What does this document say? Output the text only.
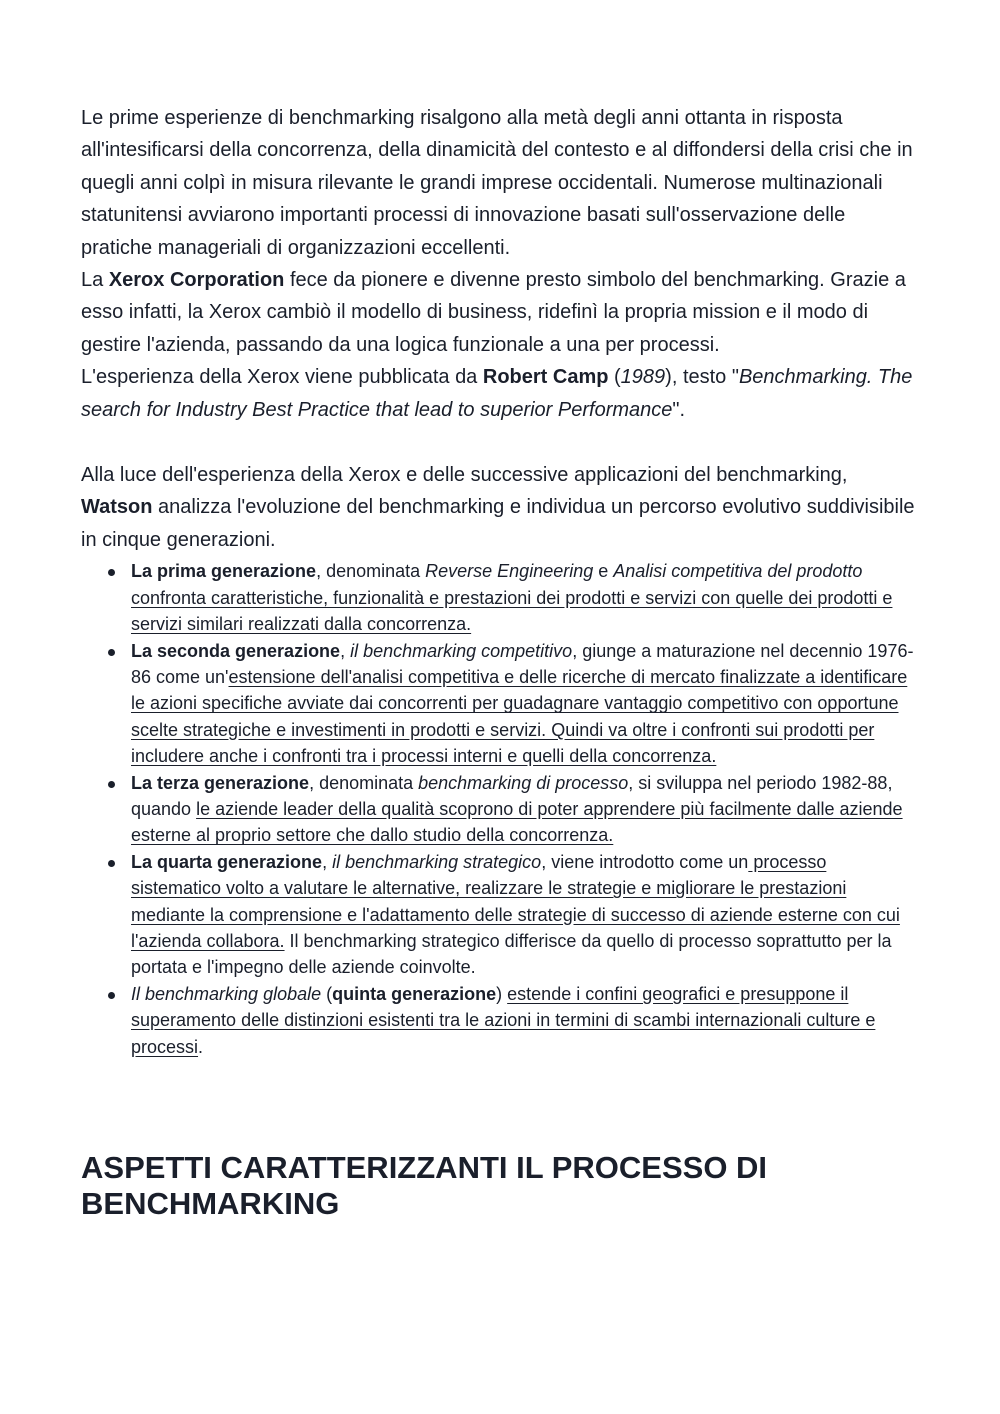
Le prime esperienze di benchmarking risalgono alla metà degli anni ottanta in risposta all'intesificarsi della concorrenza, della dinamicità del contesto e al diffondersi della crisi che in quegli anni colpì in misura rilevante le grandi imprese occidentali. Numerose multinazionali statunitensi avviarono importanti processi di innovazione basati sull'osservazione delle pratiche manageriali di organizzazioni eccellenti.
La Xerox Corporation fece da pionere e divenne presto simbolo del benchmarking. Grazie a esso infatti, la Xerox cambiò il modello di business, ridefinì la propria mission e il modo di gestire l'azienda, passando da una logica funzionale a una per processi.
L'esperienza della Xerox viene pubblicata da Robert Camp (1989), testo "Benchmarking. The search for Industry Best Practice that lead to superior Performance".

Alla luce dell'esperienza della Xerox e delle successive applicazioni del benchmarking, Watson analizza l'evoluzione del benchmarking e individua un percorso evolutivo suddivisibile in cinque generazioni.

La prima generazione, denominata Reverse Engineering e Analisi competitiva del prodotto confronta caratteristiche, funzionalità e prestazioni dei prodotti e servizi con quelle dei prodotti e servizi similari realizzati dalla concorrenza.
La seconda generazione, il benchmarking competitivo, giunge a maturazione nel decennio 1976-86 come un'estensione dell'analisi competitiva e delle ricerche di mercato finalizzate a identificare le azioni specifiche avviate dai concorrenti per guadagnare vantaggio competitivo con opportune scelte strategiche e investimenti in prodotti e servizi. Quindi va oltre i confronti sui prodotti per includere anche i confronti tra i processi interni e quelli della concorrenza.
La terza generazione, denominata benchmarking di processo, si sviluppa nel periodo 1982-88, quando le aziende leader della qualità scoprono di poter apprendere più facilmente dalle aziende esterne al proprio settore che dallo studio della concorrenza.
La quarta generazione, il benchmarking strategico, viene introdotto come un processo sistematico volto a valutare le alternative, realizzare le strategie e migliorare le prestazioni mediante la comprensione e l'adattamento delle strategie di successo di aziende esterne con cui l'azienda collabora. Il benchmarking strategico differisce da quello di processo soprattutto per la portata e l'impegno delle aziende coinvolte.
Il benchmarking globale (quinta generazione) estende i confini geografici e presuppone il superamento delle distinzioni esistenti tra le azioni in termini di scambi internazionali culture e processi.
ASPETTI CARATTERIZZANTI IL PROCESSO DI BENCHMARKING
